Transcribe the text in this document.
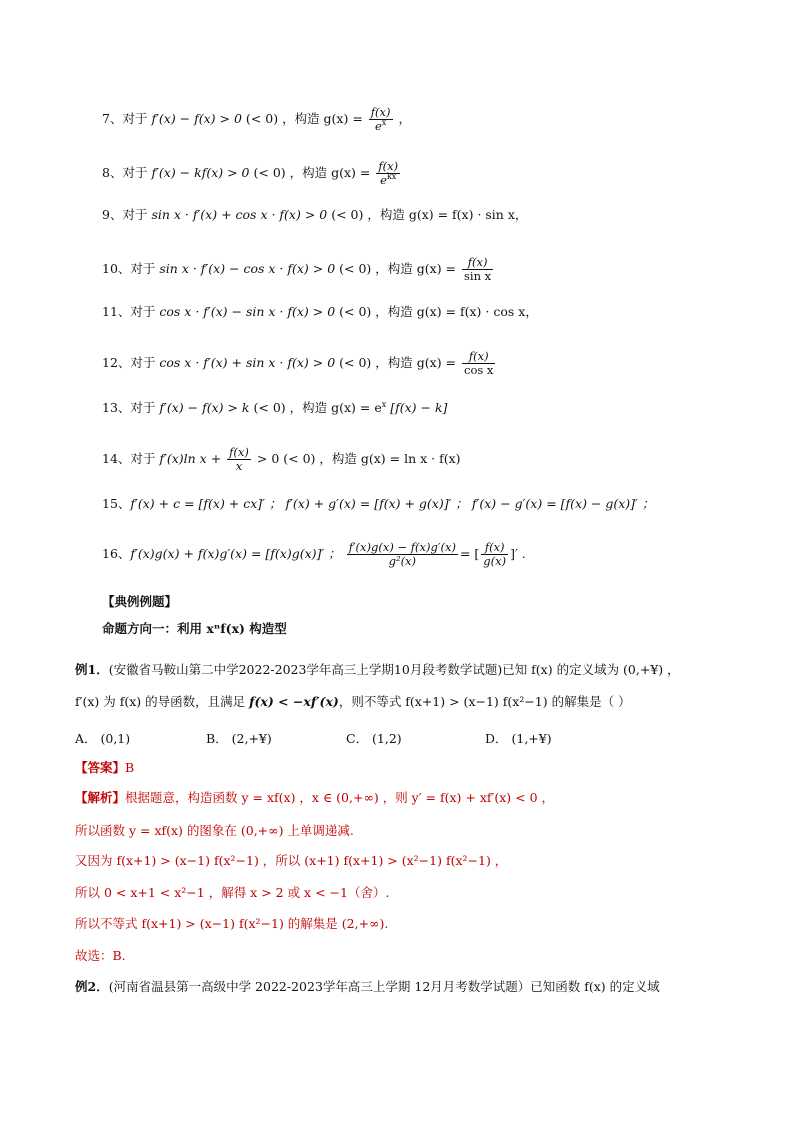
7、对于 f′(x) − f(x) > 0 (< 0) ，构造 $g(x) = \frac{f(x)}{e^x}$ ，
8、对于 f′(x) − kf(x) > 0 (< 0) ，构造 $g(x) = \frac{f(x)}{e^{kx}}$
9、对于 sin x · f′(x) + cos x · f(x) > 0 (< 0) ，构造 g(x) = f(x) · sin x，
10、对于 sin x · f′(x) − cos x · f(x) > 0 (< 0) ，构造 $g(x) = \frac{f(x)}{\text{sin x}}$
11、对于 cos x · f′(x) − sin x · f(x) > 0 (< 0) ，构造 g(x) = f(x) · cos x，
12、对于 cos x · f′(x) + sin x · f(x) > 0 (< 0) ，构造 $g(x) = \frac{f(x)}{\text{cos x}}$
13、对于 f′(x) − f(x) > k (< 0) ，构造 $g(x) = e^x$ [f(x) − k]
14、对于 f′(x)ln $x + \frac{f(x)}{x} > 0$ (< 0) ，构造 g(x) = ln x · f(x)
15、f′(x) + c = [f(x) + cx]′ ； f′(x) + g′(x) = [f(x) + g(x)]′ ； f′(x) − g′(x) = [f(x) − g(x)]′ ；
16、f′(x)g(x) + f(x)g′(x) = [f(x)g(x)]′ ； $\frac{f'(x)g(x) - f(x)g'(x)}{\text{g²(x)}}$ = [ $\frac{f(x)}{g(x)}$ ]′ .
【典例例题】
命题方向一：利用 xⁿf(x) 构造型
例1．(安徽省马鞍山第二中学2022-2023学年高三上学期10月段考数学试题)已知 f(x) 的定义域为 (0,+¥) ，
f′(x) 为 f(x) 的导函数，且满足 f(x) < −xf′(x)，则不等式 f(x+1) > (x−1) f(x²−1) 的解集是（ ）
A． (0,1)	B． (2,+¥)	C． (1,2)	D． (1,+¥)
【答案】B
【解析】根据题意，构造函数 y = xf(x) ，x ∈ (0,+∞) ，则 y′ = f(x) + xf′(x) < 0 ，
所以函数 y = xf(x) 的图象在 (0,+∞) 上单调递减.
又因为 f(x+1) > (x−1) f(x²−1) ，所以 (x+1) f(x+1) > (x²−1) f(x²−1) ，
所以 0 < x+1 < x²−1 ，解得 x > 2 或 x < −1（舍）.
所以不等式 f(x+1) > (x−1) f(x²−1) 的解集是 (2,+∞).
故选：B.
例2．(河南省温县第一高级中学 2022-2023学年高三上学期 12月月考数学试题）已知函数 f(x) 的定义域
